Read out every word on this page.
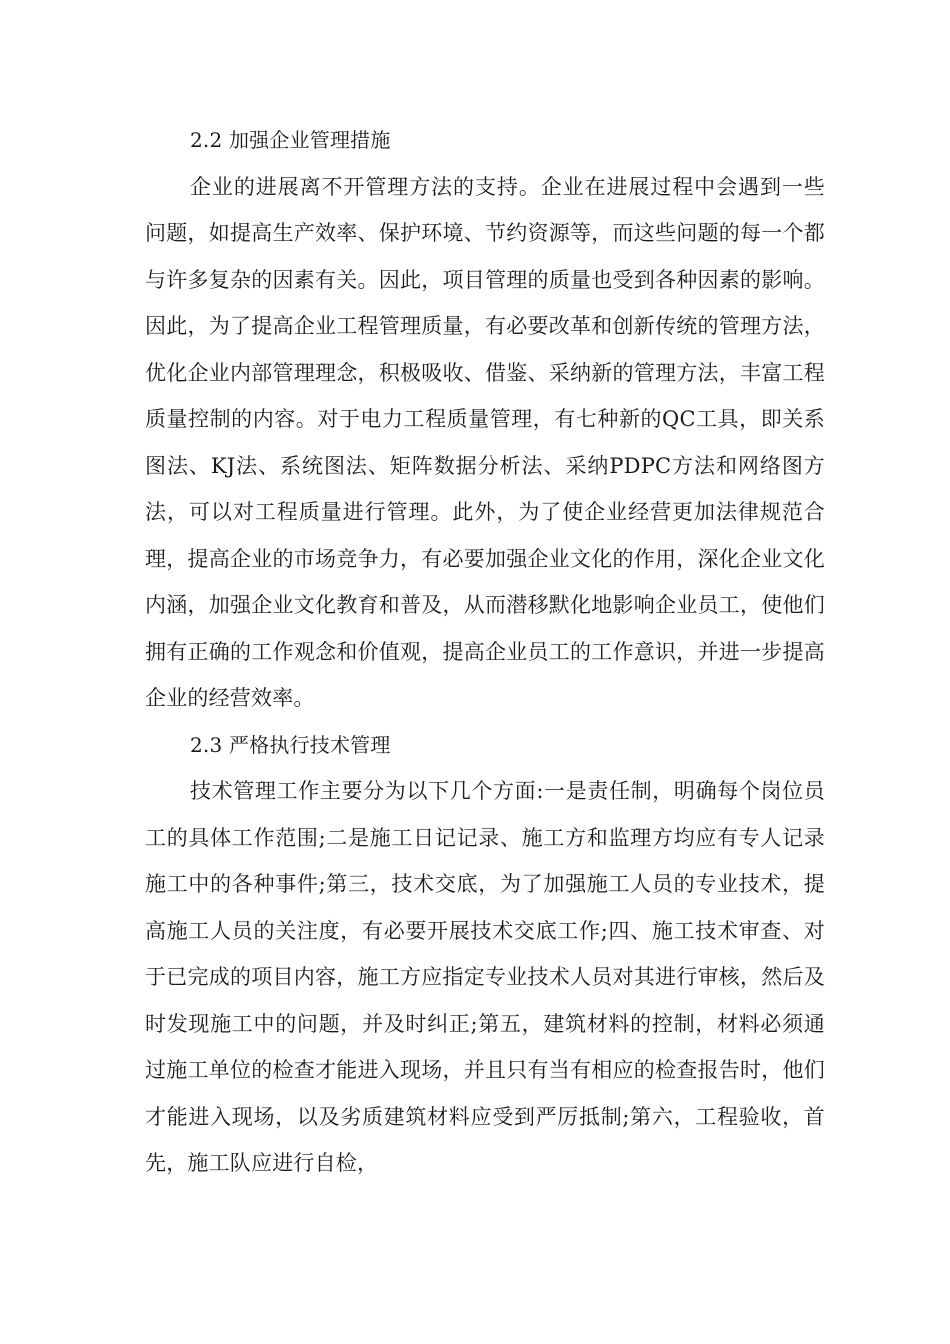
2.2 加强企业管理措施

企业的进展离不开管理方法的支持。企业在进展过程中会遇到一些问题，如提高生产效率、保护环境、节约资源等，而这些问题的每一个都与许多复杂的因素有关。因此，项目管理的质量也受到各种因素的影响。因此，为了提高企业工程管理质量，有必要改革和创新传统的管理方法，优化企业内部管理理念，积极吸收、借鉴、采纳新的管理方法，丰富工程质量控制的内容。对于电力工程质量管理，有七种新的QC工具，即关系图法、KJ法、系统图法、矩阵数据分析法、采纳PDPC方法和网络图方法，可以对工程质量进行管理。此外，为了使企业经营更加法律规范合理，提高企业的市场竞争力，有必要加强企业文化的作用，深化企业文化内涵，加强企业文化教育和普及，从而潜移默化地影响企业员工，使他们拥有正确的工作观念和价值观，提高企业员工的工作意识，并进一步提高企业的经营效率。

2.3 严格执行技术管理

技术管理工作主要分为以下几个方面:一是责任制，明确每个岗位员工的具体工作范围;二是施工日记记录、施工方和监理方均应有专人记录施工中的各种事件;第三，技术交底，为了加强施工人员的专业技术，提高施工人员的关注度，有必要开展技术交底工作;四、施工技术审查、对于已完成的项目内容，施工方应指定专业技术人员对其进行审核，然后及时发现施工中的问题，并及时纠正;第五，建筑材料的控制，材料必须通过施工单位的检查才能进入现场，并且只有当有相应的检查报告时，他们才能进入现场，以及劣质建筑材料应受到严厉抵制;第六，工程验收，首先，施工队应进行自检，
